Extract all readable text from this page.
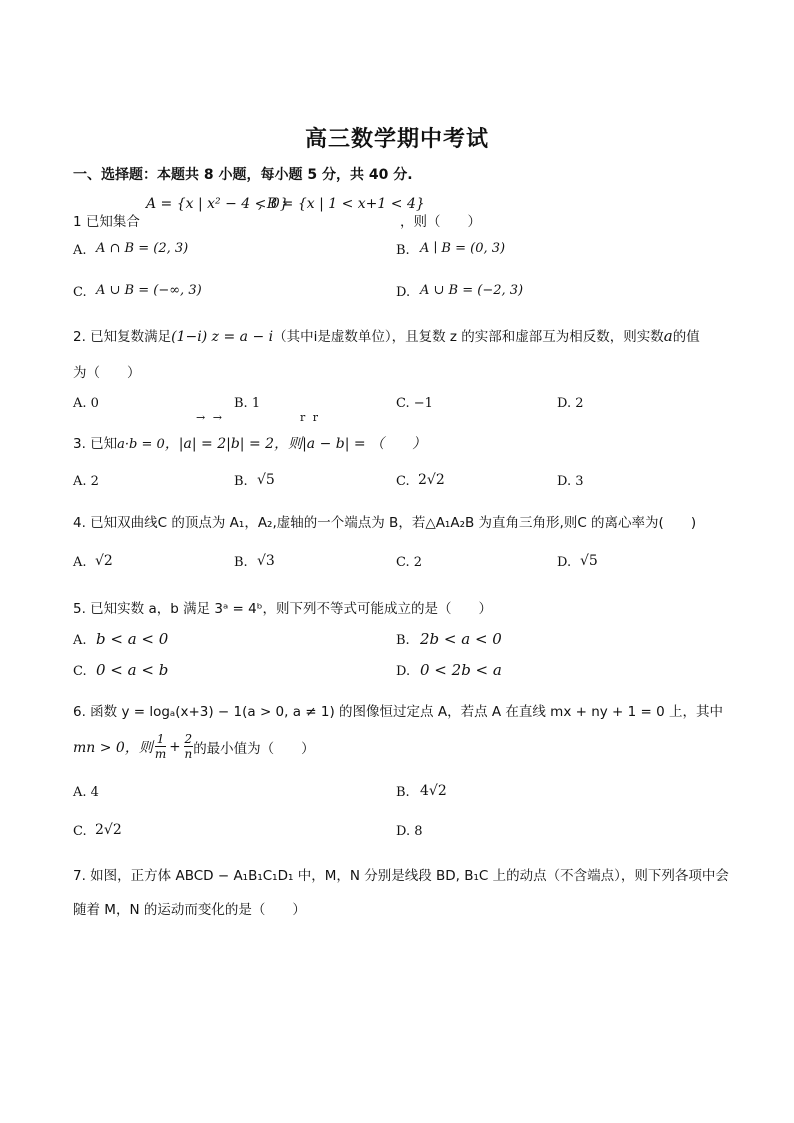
高三数学期中考试
一、选择题：本题共 8 小题，每小题 5 分，共 40 分.
A = {x | x² − 4 < 0}
, B = {x | 1 < x+1 < 4}
1 已知集合	，则（　　）
A. A ∩ B = (2, 3)	B. A ∣ B = (0, 3)
C. A ∪ B = (−∞, 3)	D. A ∪ B = (−2, 3)
2. 已知复数满足(1−i) z = a − i（其中i是虚数单位），且复数 z 的实部和虚部互为相反数，则实数a的值
为（　　）
A. 0	B. 1	C. −1	D. 2
→ →	r r
3. 已知a·b = 0，|a| = 2|b| = 2，则|a − b| = （　　）
A. 2	B. √5	C. 2√2	D. 3
4. 已知双曲线C 的顶点为 A₁，A₂,虚轴的一个端点为 B，若△A₁A₂B 为直角三角形,则C 的离心率为(　　)
A. √2	B. √3	C. 2	D. √5
5. 已知实数 a，b 满足 3ᵃ = 4ᵇ，则下列不等式可能成立的是（　　）
A. b < a < 0	B. 2b < a < 0
C. 0 < a < b	D. 0 < 2b < a
6. 函数 y = logₐ(x+3) − 1(a > 0, a ≠ 1) 的图像恒过定点 A，若点 A 在直线 mx + ny + 1 = 0 上，其中
mn > 0，则 $\frac{1}{m} + \frac{2}{n}$ 的最小值为（　　）
A. 4	B. 4√2
C. 2√2	D. 8
7. 如图，正方体 ABCD − A₁B₁C₁D₁ 中，M，N 分别是线段 BD, B₁C 上的动点（不含端点），则下列各项中会
随着 M，N 的运动而变化的是（　　）
